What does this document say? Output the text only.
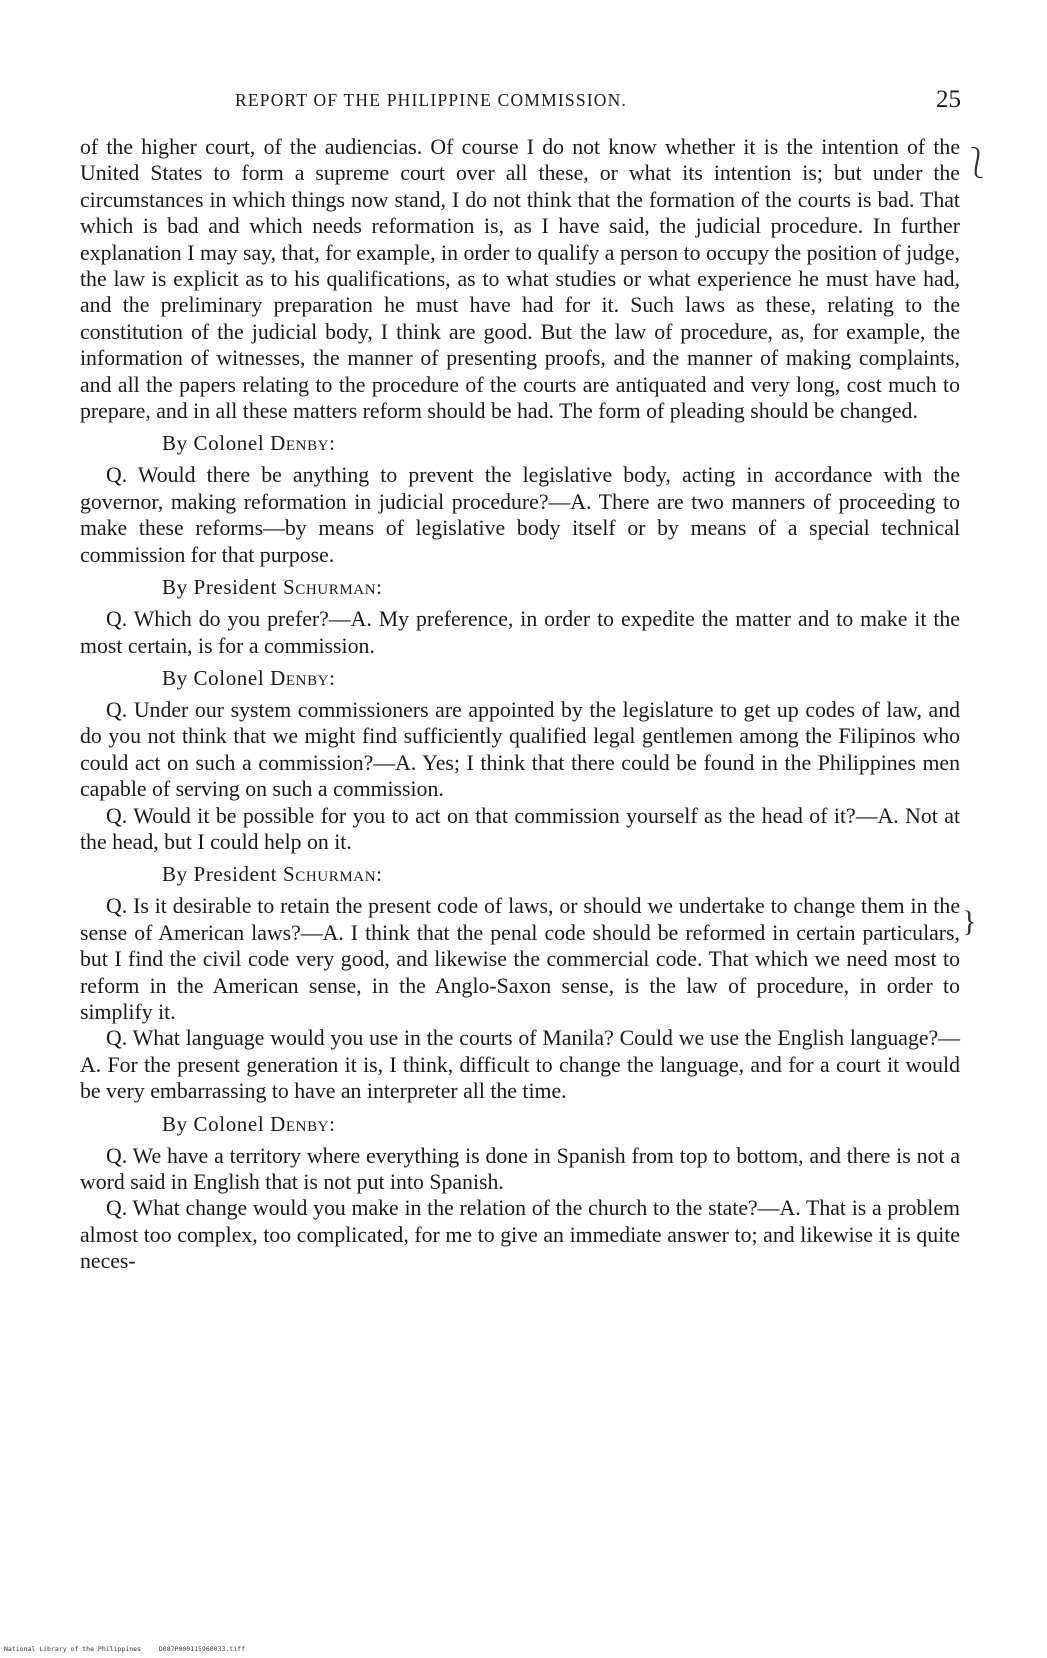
REPORT OF THE PHILIPPINE COMMISSION.	25

of the higher court, of the audiencias. Of course I do not know whether it is the intention of the United States to form a supreme court over all these, or what its intention is; but under the circumstances in which things now stand, I do not think that the formation of the courts is bad. That which is bad and which needs reformation is, as I have said, the judicial procedure. In further explanation I may say, that, for example, in order to qualify a person to occupy the position of judge, the law is explicit as to his qualifications, as to what studies or what experience he must have had, and the preliminary preparation he must have had for it. Such laws as these, relating to the constitution of the judicial body, I think are good. But the law of procedure, as, for example, the information of witnesses, the manner of presenting proofs, and the manner of making complaints, and all the papers relating to the procedure of the courts are antiquated and very long, cost much to prepare, and in all these matters reform should be had. The form of pleading should be changed.

By Colonel Denby:

Q. Would there be anything to prevent the legislative body, acting in accordance with the governor, making reformation in judicial procedure?—A. There are two manners of proceeding to make these reforms—by means of legislative body itself or by means of a special technical commission for that purpose.

By President Schurman:

Q. Which do you prefer?—A. My preference, in order to expedite the matter and to make it the most certain, is for a commission.

By Colonel Denby:

Q. Under our system commissioners are appointed by the legislature to get up codes of law, and do you not think that we might find sufficiently qualified legal gentlemen among the Filipinos who could act on such a commission?—A. Yes; I think that there could be found in the Philippines men capable of serving on such a commission.

Q. Would it be possible for you to act on that commission yourself as the head of it?—A. Not at the head, but I could help on it.

By President Schurman:

Q. Is it desirable to retain the present code of laws, or should we undertake to change them in the sense of American laws?—A. I think that the penal code should be reformed in certain particulars, but I find the civil code very good, and likewise the commercial code. That which we need most to reform in the American sense, in the Anglo-Saxon sense, is the law of procedure, in order to simplify it.

Q. What language would you use in the courts of Manila? Could we use the English language?—A. For the present generation it is, I think, difficult to change the language, and for a court it would be very embarrassing to have an interpreter all the time.

By Colonel Denby:

Q. We have a territory where everything is done in Spanish from top to bottom, and there is not a word said in English that is not put into Spanish.

Q. What change would you make in the relation of the church to the state?—A. That is a problem almost too complex, too complicated, for me to give an immediate answer to; and likewise it is quite neces-

⎱
}
National Library of the Philippines	D087P000115960033.tiff
